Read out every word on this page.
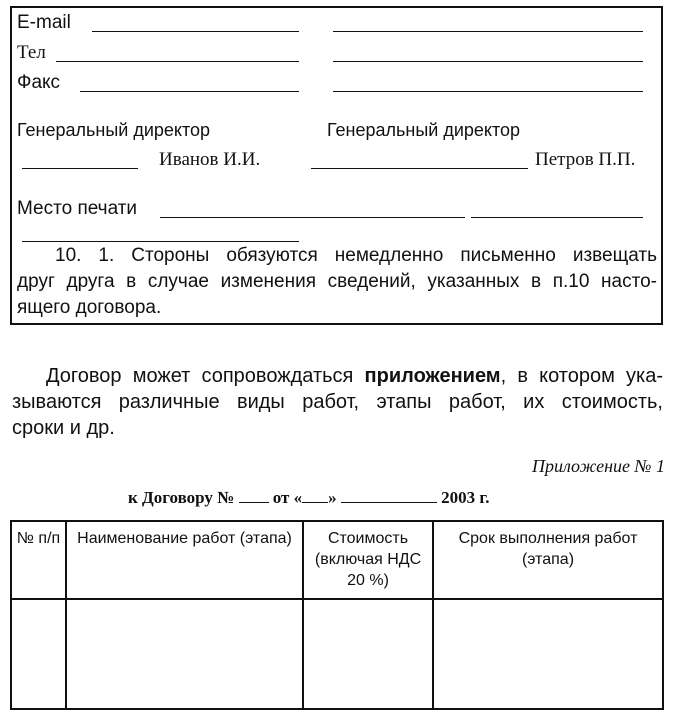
E-mail
Тел
Факс
Генеральный директор	Генеральный директор
Иванов И.И.	Петров П.П.
Место печати
10. 1. Стороны обязуются немедленно письменно извещать
друг друга в случае изменения сведений, указанных в п.10 насто-
ящего договора.
Договор может сопровождаться приложением, в котором ука-
зываются различные виды работ, этапы работ, их стоимость,
сроки и др.
Приложение № 1
к Договору № от « »	2003 г.
№ п/п	Наименование работ (этапа)	Стоимость (включая НДС 20 %)	Срок выполнения работ (этапа)
